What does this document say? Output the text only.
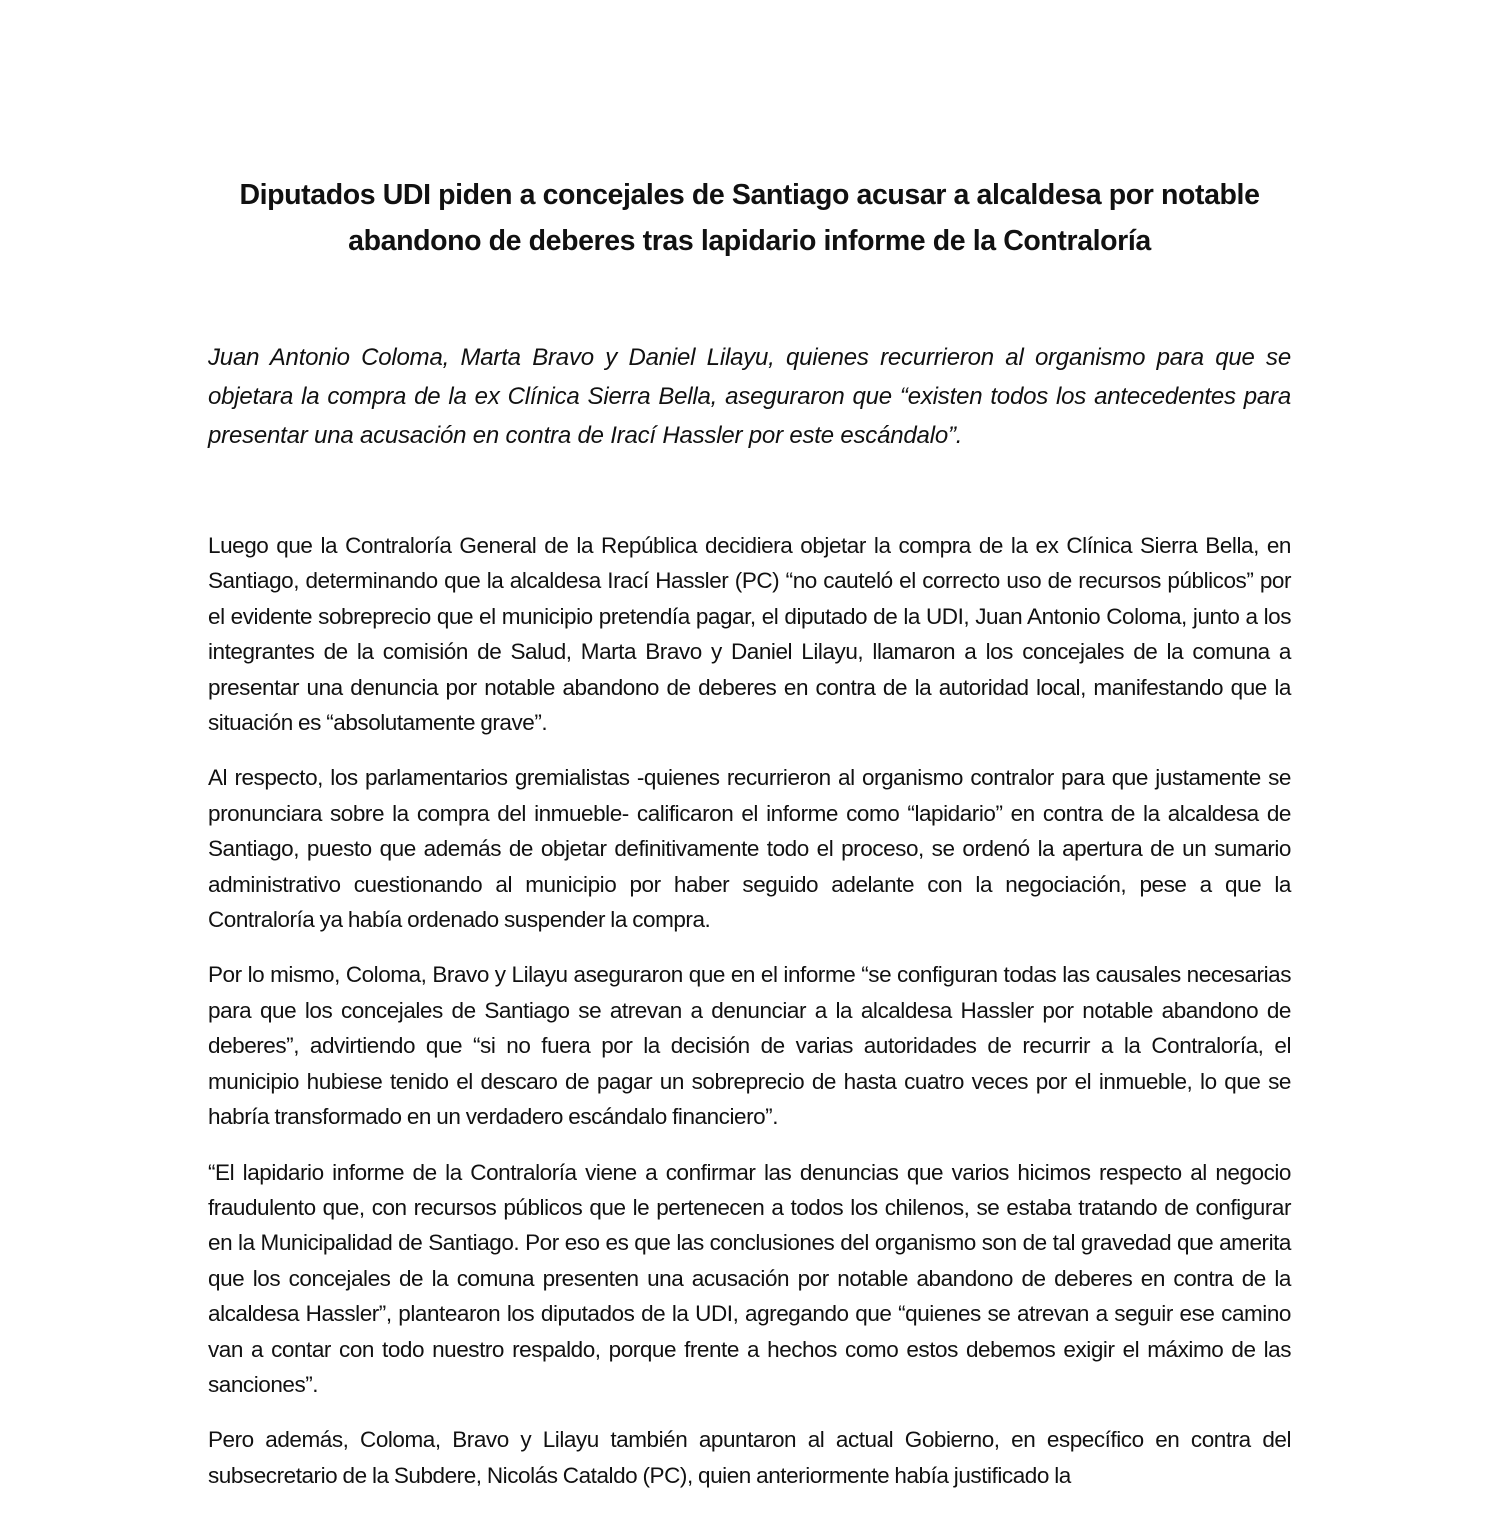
Diputados UDI piden a concejales de Santiago acusar a alcaldesa por notable abandono de deberes tras lapidario informe de la Contraloría

Juan Antonio Coloma, Marta Bravo y Daniel Lilayu, quienes recurrieron al organismo para que se objetara la compra de la ex Clínica Sierra Bella, aseguraron que “existen todos los antecedentes para presentar una acusación en contra de Irací Hassler por este escándalo”.

Luego que la Contraloría General de la República decidiera objetar la compra de la ex Clínica Sierra Bella, en Santiago, determinando que la alcaldesa Irací Hassler (PC) “no cauteló el correcto uso de recursos públicos” por el evidente sobreprecio que el municipio pretendía pagar, el diputado de la UDI, Juan Antonio Coloma, junto a los integrantes de la comisión de Salud, Marta Bravo y Daniel Lilayu, llamaron a los concejales de la comuna a presentar una denuncia por notable abandono de deberes en contra de la autoridad local, manifestando que la situación es “absolutamente grave”.

Al respecto, los parlamentarios gremialistas -quienes recurrieron al organismo contralor para que justamente se pronunciara sobre la compra del inmueble- calificaron el informe como “lapidario” en contra de la alcaldesa de Santiago, puesto que además de objetar definitivamente todo el proceso, se ordenó la apertura de un sumario administrativo cuestionando al municipio por haber seguido adelante con la negociación, pese a que la Contraloría ya había ordenado suspender la compra.

Por lo mismo, Coloma, Bravo y Lilayu aseguraron que en el informe “se configuran todas las causales necesarias para que los concejales de Santiago se atrevan a denunciar a la alcaldesa Hassler por notable abandono de deberes”, advirtiendo que “si no fuera por la decisión de varias autoridades de recurrir a la Contraloría, el municipio hubiese tenido el descaro de pagar un sobreprecio de hasta cuatro veces por el inmueble, lo que se habría transformado en un verdadero escándalo financiero”.

“El lapidario informe de la Contraloría viene a confirmar las denuncias que varios hicimos respecto al negocio fraudulento que, con recursos públicos que le pertenecen a todos los chilenos, se estaba tratando de configurar en la Municipalidad de Santiago. Por eso es que las conclusiones del organismo son de tal gravedad que amerita que los concejales de la comuna presenten una acusación por notable abandono de deberes en contra de la alcaldesa Hassler”, plantearon los diputados de la UDI, agregando que “quienes se atrevan a seguir ese camino van a contar con todo nuestro respaldo, porque frente a hechos como estos debemos exigir el máximo de las sanciones”.

Pero además, Coloma, Bravo y Lilayu también apuntaron al actual Gobierno, en específico en contra del subsecretario de la Subdere, Nicolás Cataldo (PC), quien anteriormente había justificado la
